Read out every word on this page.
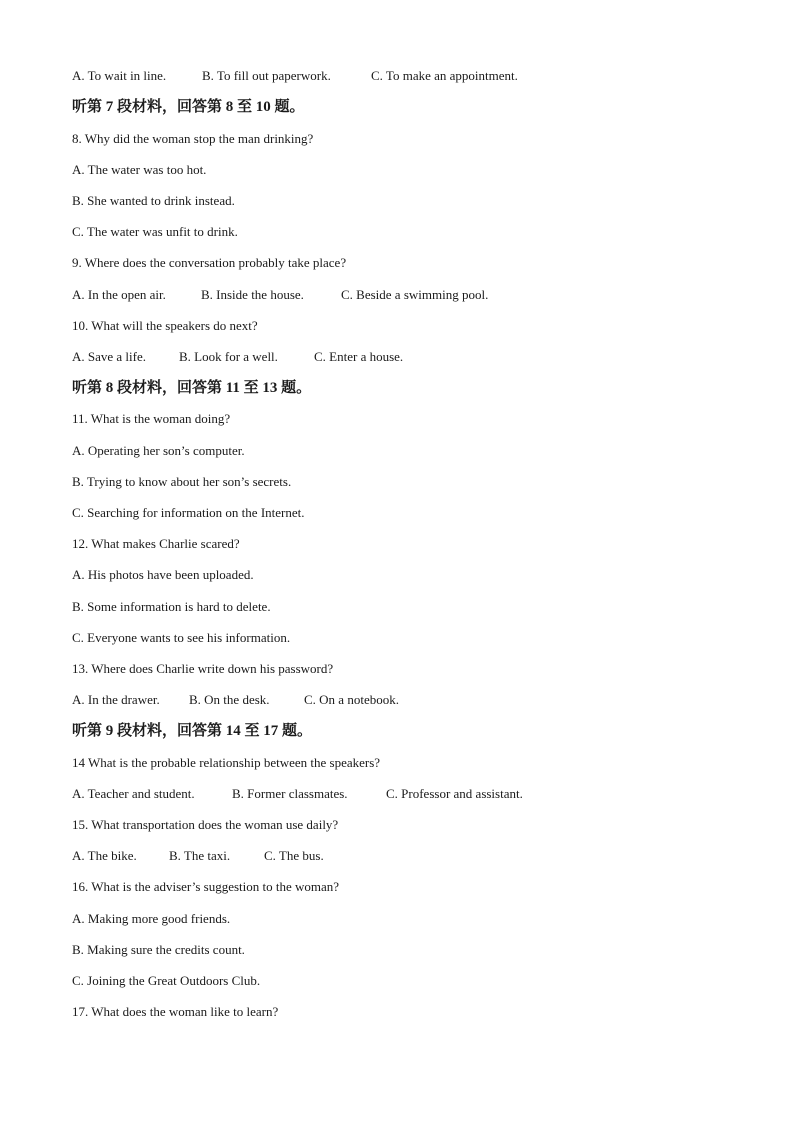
A. To wait in line.	B. To fill out paperwork.	C. To make an appointment.
听第 7 段材料，回答第 8 至 10 题。
8. Why did the woman stop the man drinking?
A. The water was too hot.
B. She wanted to drink instead.
C. The water was unfit to drink.
9. Where does the conversation probably take place?
A. In the open air.	B. Inside the house.	C. Beside a swimming pool.
10. What will the speakers do next?
A. Save a life.	B. Look for a well.	C. Enter a house.
听第 8 段材料，回答第 11 至 13 题。
11. What is the woman doing?
A. Operating her son’s computer.
B. Trying to know about her son’s secrets.
C. Searching for information on the Internet.
12. What makes Charlie scared?
A. His photos have been uploaded.
B. Some information is hard to delete.
C. Everyone wants to see his information.
13. Where does Charlie write down his password?
A. In the drawer. B. On the desk.	C. On a notebook.
听第 9 段材料，回答第 14 至 17 题。
14 What is the probable relationship between the speakers?
A. Teacher and student.	B. Former classmates.	C. Professor and assistant.
15. What transportation does the woman use daily?
A. The bike. B. The taxi.	C. The bus.
16. What is the adviser’s suggestion to the woman?
A. Making more good friends.
B. Making sure the credits count.
C. Joining the Great Outdoors Club.
17. What does the woman like to learn?
